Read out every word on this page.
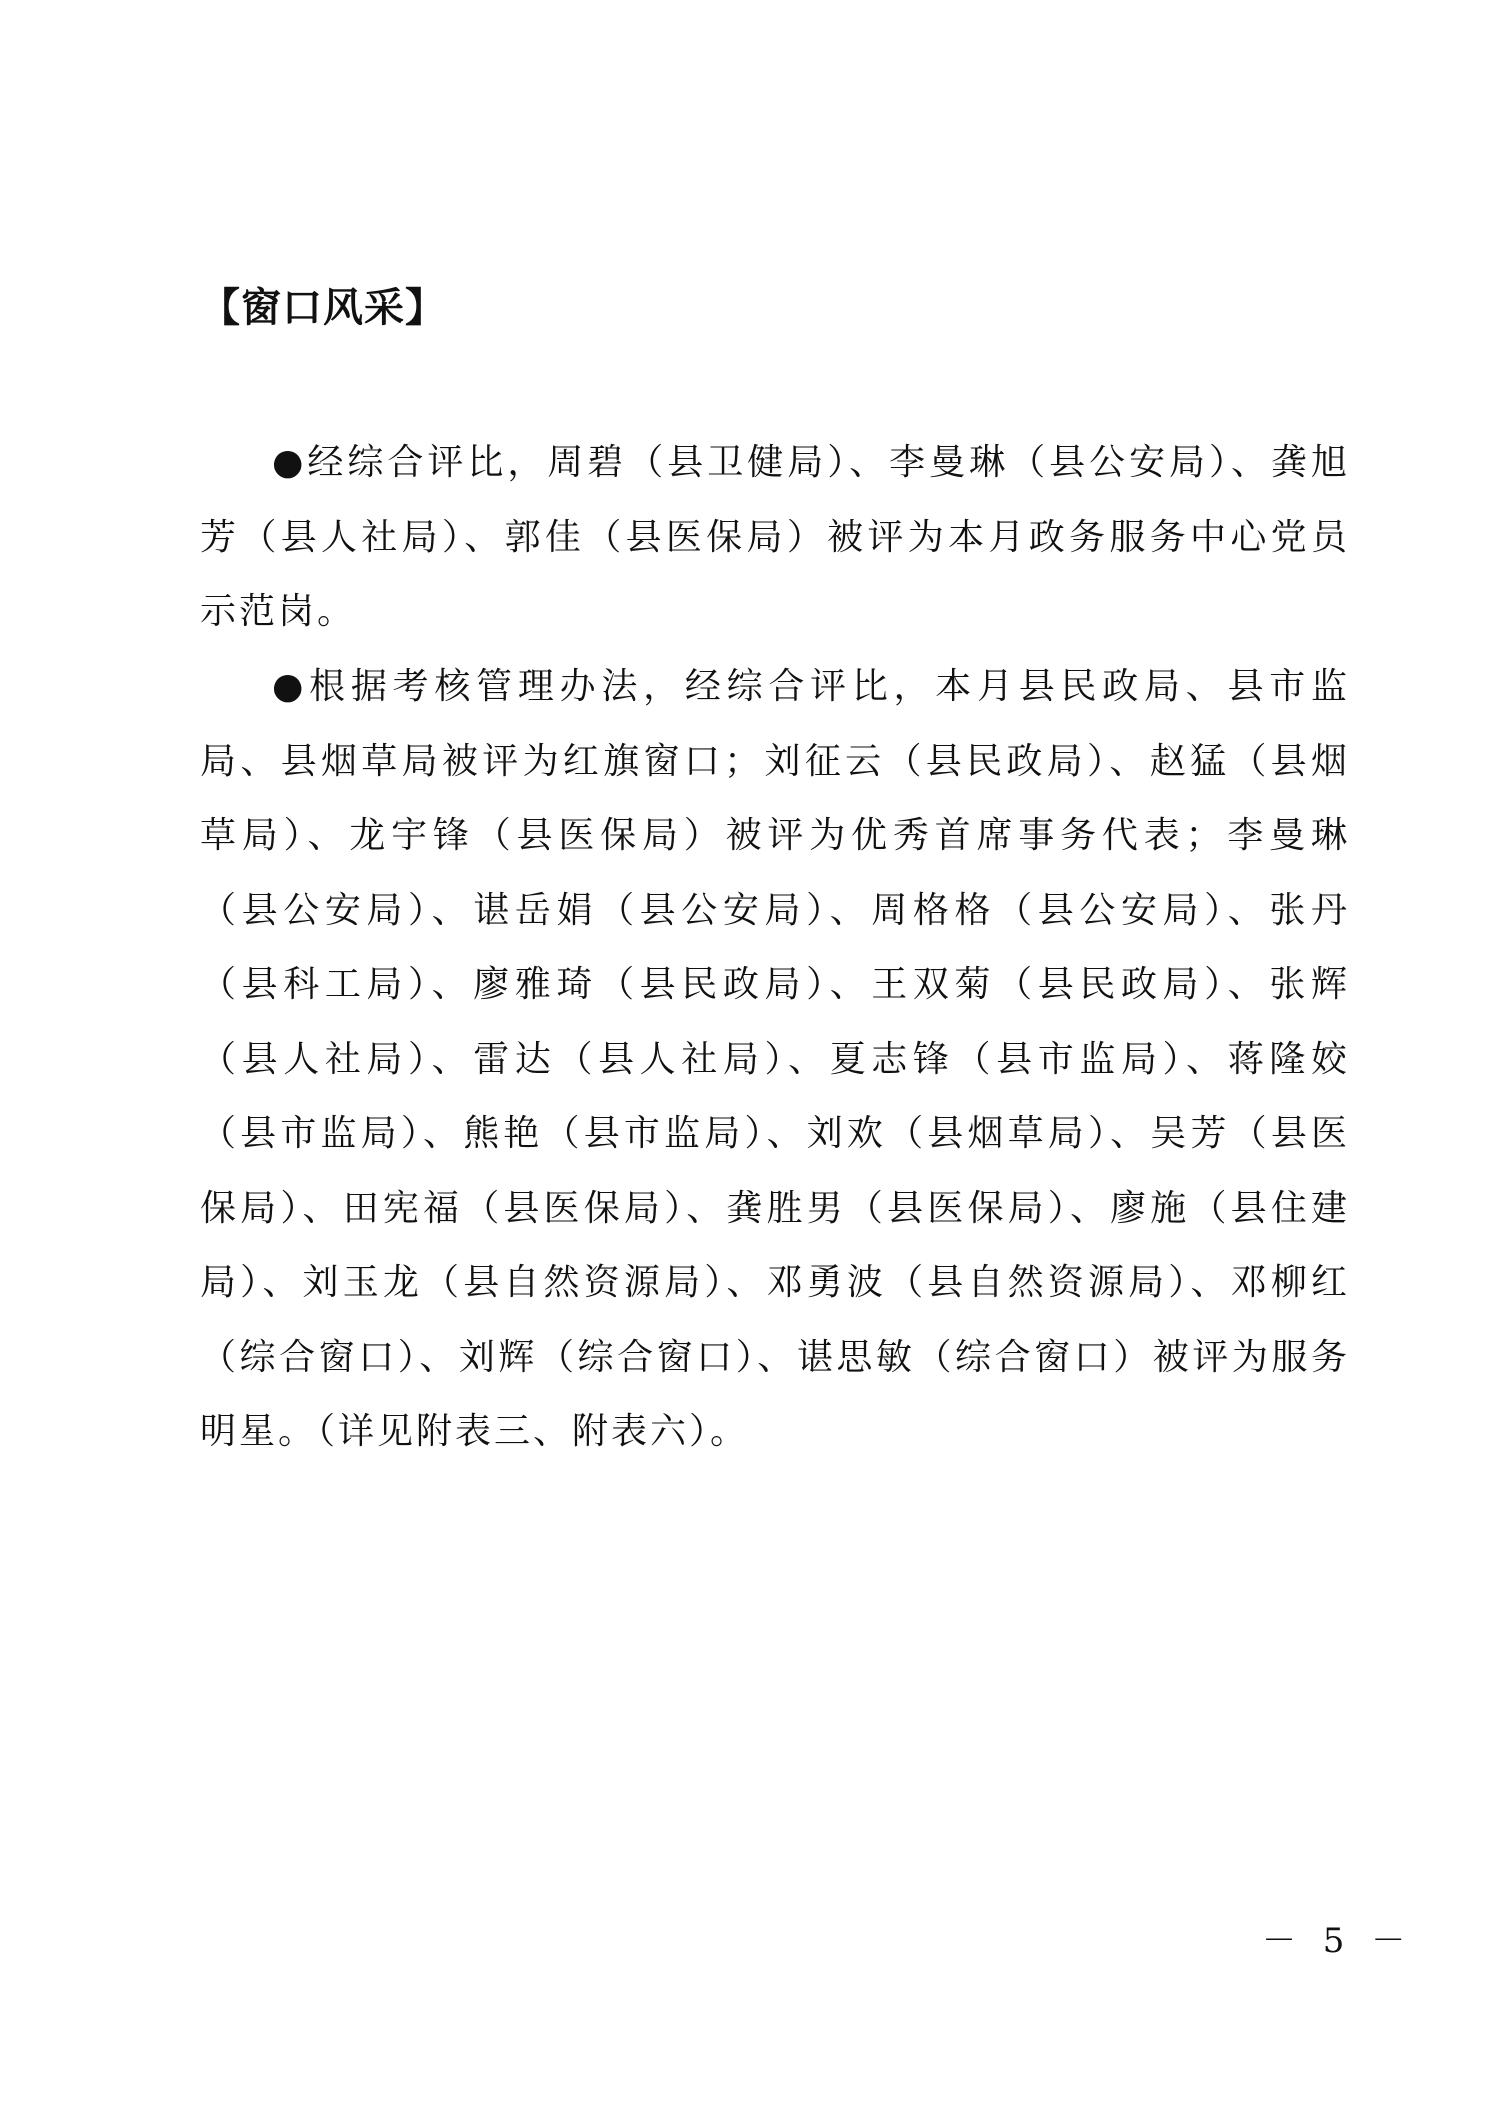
【窗口风采】

●经综合评比，周碧（县卫健局）、李曼琳（县公安局）、龚旭芳（县人社局）、郭佳（县医保局）被评为本月政务服务中心党员示范岗。

●根据考核管理办法，经综合评比，本月县民政局、县市监局、县烟草局被评为红旗窗口；刘征云（县民政局）、赵猛（县烟草局）、龙宇锋（县医保局）被评为优秀首席事务代表；李曼琳（县公安局）、谌岳娟（县公安局）、周格格（县公安局）、张丹（县科工局）、廖雅琦（县民政局）、王双菊（县民政局）、张辉（县人社局）、雷达（县人社局）、夏志锋（县市监局）、蒋隆姣（县市监局）、熊艳（县市监局）、刘欢（县烟草局）、吴芳（县医保局）、田宪福（县医保局）、龚胜男（县医保局）、廖施（县住建局）、刘玉龙（县自然资源局）、邓勇波（县自然资源局）、邓柳红（综合窗口）、刘辉（综合窗口）、谌思敏（综合窗口）被评为服务明星。（详见附表三、附表六）。

－ 5 －
